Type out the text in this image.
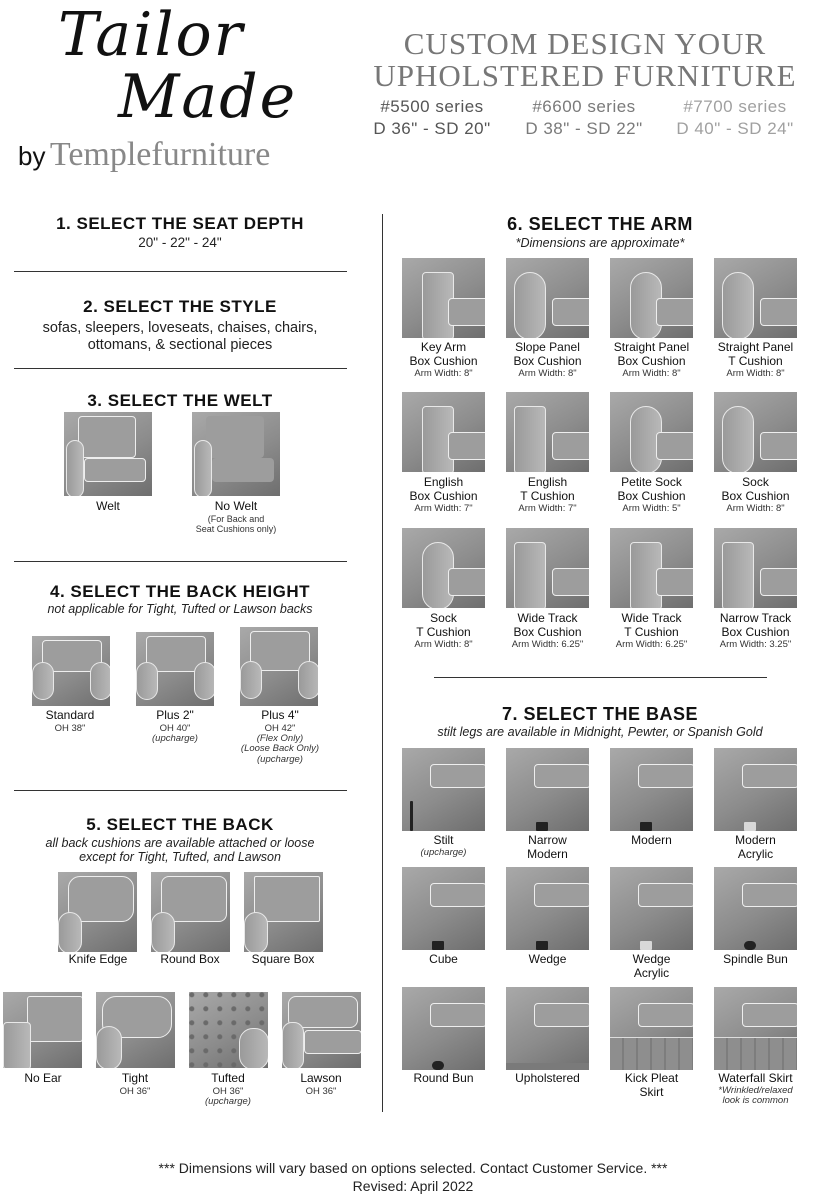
Tailor
Made
by Templefurniture
CUSTOM DESIGN YOUR
UPHOLSTERED FURNITURE
#5500 series
D 36" - SD 20"
#6600 series
D 38" - SD 22"
#7700 series
D 40" - SD 24"
1. SELECT THE SEAT DEPTH
20" - 22" - 24"
2. SELECT THE STYLE
sofas, sleepers, loveseats, chaises, chairs,
ottomans, & sectional pieces
3. SELECT THE WELT
Welt	No Welt
(For Back and
Seat Cushions only)
4. SELECT THE BACK HEIGHT
not applicable for Tight, Tufted or Lawson backs
Standard
OH 38"
Plus 2"
OH 40"
(upcharge)
Plus 4"
OH 42"
(Flex Only)
(Loose Back Only)
(upcharge)
5. SELECT THE BACK
all back cushions are available attached or loose
except for Tight, Tufted, and Lawson
Knife Edge	Round Box	Square Box
No Ear	Tight
OH 36"
Tufted
OH 36"
(upcharge)
Lawson
OH 36"
6. SELECT THE ARM
*Dimensions are approximate*
Key Arm
Box Cushion
Arm Width: 8"
Slope Panel
Box Cushion
Arm Width: 8"
Straight Panel
Box Cushion
Arm Width: 8"
Straight Panel
T Cushion
Arm Width: 8"
English
Box Cushion
Arm Width: 7"
English
T Cushion
Arm Width: 7"
Petite Sock
Box Cushion
Arm Width: 5"
Sock
Box Cushion
Arm Width: 8"
Sock
T Cushion
Arm Width: 8"
Wide Track
Box Cushion
Arm Width: 6.25"
Wide Track
T Cushion
Arm Width: 6.25"
Narrow Track
Box Cushion
Arm Width: 3.25"
7. SELECT THE BASE
stilt legs are available in Midnight, Pewter, or Spanish Gold
Stilt
(upcharge)
Narrow
Modern
Modern	Modern
Acrylic
Cube	Wedge	Wedge
Acrylic
Spindle Bun
Round Bun	Upholstered	Kick Pleat
Skirt
Waterfall Skirt
*Wrinkled/relaxed
look is common
*** Dimensions will vary based on options selected. Contact Customer Service. ***
Revised: April 2022
